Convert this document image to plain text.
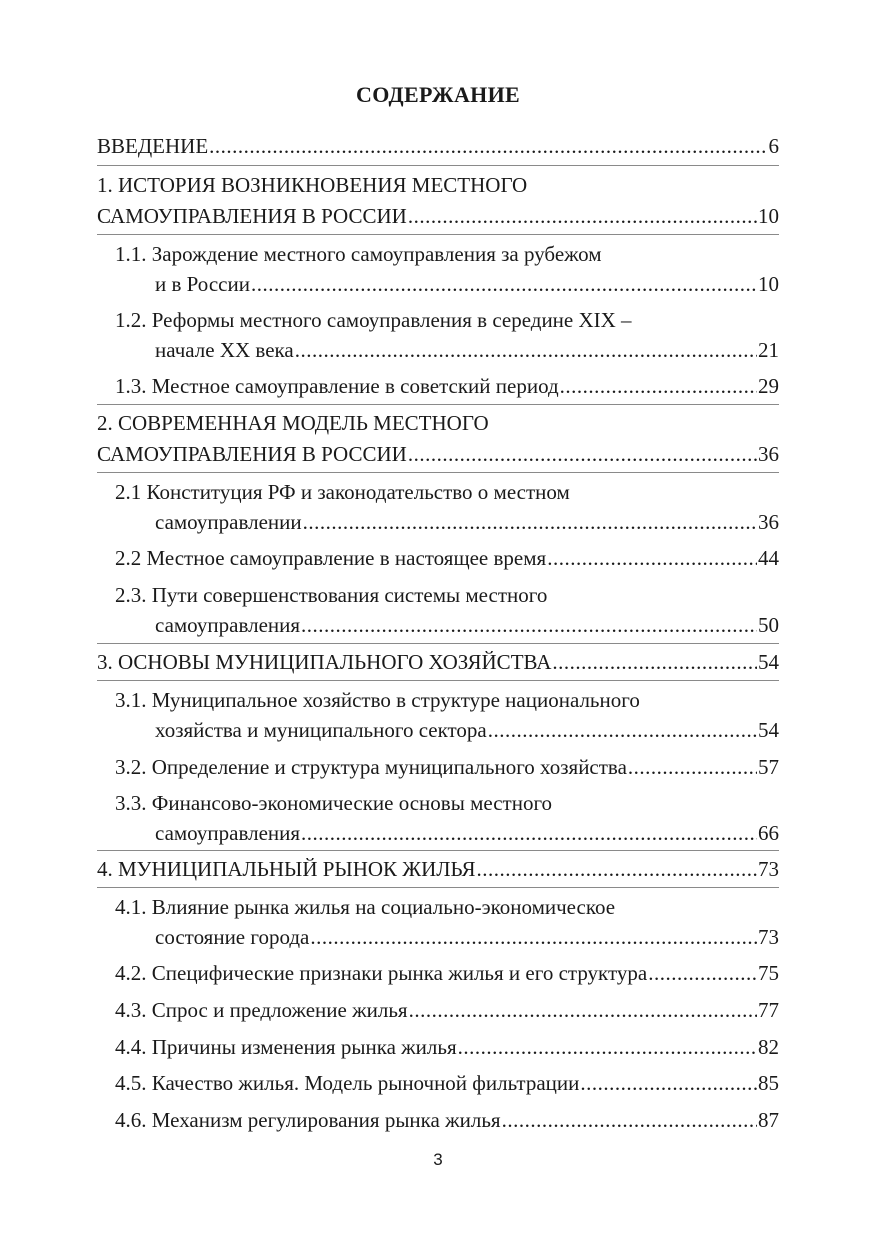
СОДЕРЖАНИЕ
ВВЕДЕНИЕ .....	6
1. ИСТОРИЯ ВОЗНИКНОВЕНИЯ МЕСТНОГО
САМОУПРАВЛЕНИЯ В РОССИИ .....	10
1.1. Зарождение местного самоуправления за рубежом
и в России .....	10
1.2. Реформы местного самоуправления в середине XIX –
начале XX века .....	21
1.3. Местное самоуправление в советский период .....	29
2. СОВРЕМЕННАЯ МОДЕЛЬ МЕСТНОГО
САМОУПРАВЛЕНИЯ В РОССИИ .....	36
2.1 Конституция РФ и законодательство о местном
самоуправлении .....	36
2.2 Местное самоуправление в настоящее время .....	44
2.3. Пути совершенствования системы местного
самоуправления .....	50
3. ОСНОВЫ МУНИЦИПАЛЬНОГО ХОЗЯЙСТВА .....	54
3.1. Муниципальное хозяйство в структуре национального
хозяйства и муниципального сектора .....	54
3.2. Определение и структура муниципального хозяйства .....	57
3.3. Финансово-экономические основы местного
самоуправления .....	66
4. МУНИЦИПАЛЬНЫЙ РЫНОК ЖИЛЬЯ .....	73
4.1. Влияние рынка жилья на социально-экономическое
состояние города .....	73
4.2. Специфические признаки рынка жилья и его структура .....	75
4.3. Спрос и предложение жилья .....	77
4.4. Причины изменения рынка жилья .....	82
4.5. Качество жилья. Модель рыночной фильтрации .....	85
4.6. Механизм регулирования рынка жилья .....	87
3
